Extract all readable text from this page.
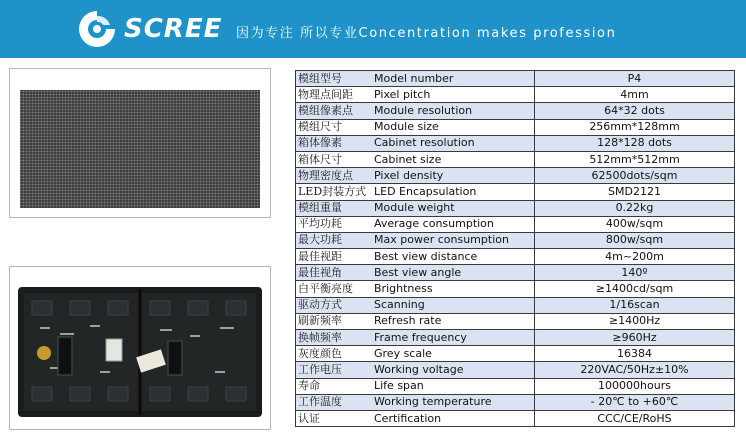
SCREE 因为专注 所以专业Concentration makes profession
模组型号	Model number	P4
物理点间距	Pixel pitch	4mm
模组像素点	Module resolution	64*32 dots
模组尺寸	Module size	256mm*128mm
箱体像素	Cabinet resolution	128*128 dots
箱体尺寸	Cabinet size	512mm*512mm
物理密度点	Pixel density	62500dots/sqm
LED封装方式	LED Encapsulation	SMD2121
模组重量	Module weight	0.22kg
平均功耗	Average consumption	400w/sqm
最大功耗	Max power consumption	800w/sqm
最佳视距	Best view distance	4m~200m
最佳视角	Best view angle	140º
白平衡亮度	Brightness	≥1400cd/sqm
驱动方式	Scanning	1/16scan
刷新频率	Refresh rate	≥1400Hz
换帧频率	Frame frequency	≥960Hz
灰度颜色	Grey scale	16384
工作电压	Working voltage	220VAC/50Hz±10%
寿命	Life span	100000hours
工作温度	Working temperature	- 20℃ to +60℃
认证	Certification	CCC/CE/RoHS
